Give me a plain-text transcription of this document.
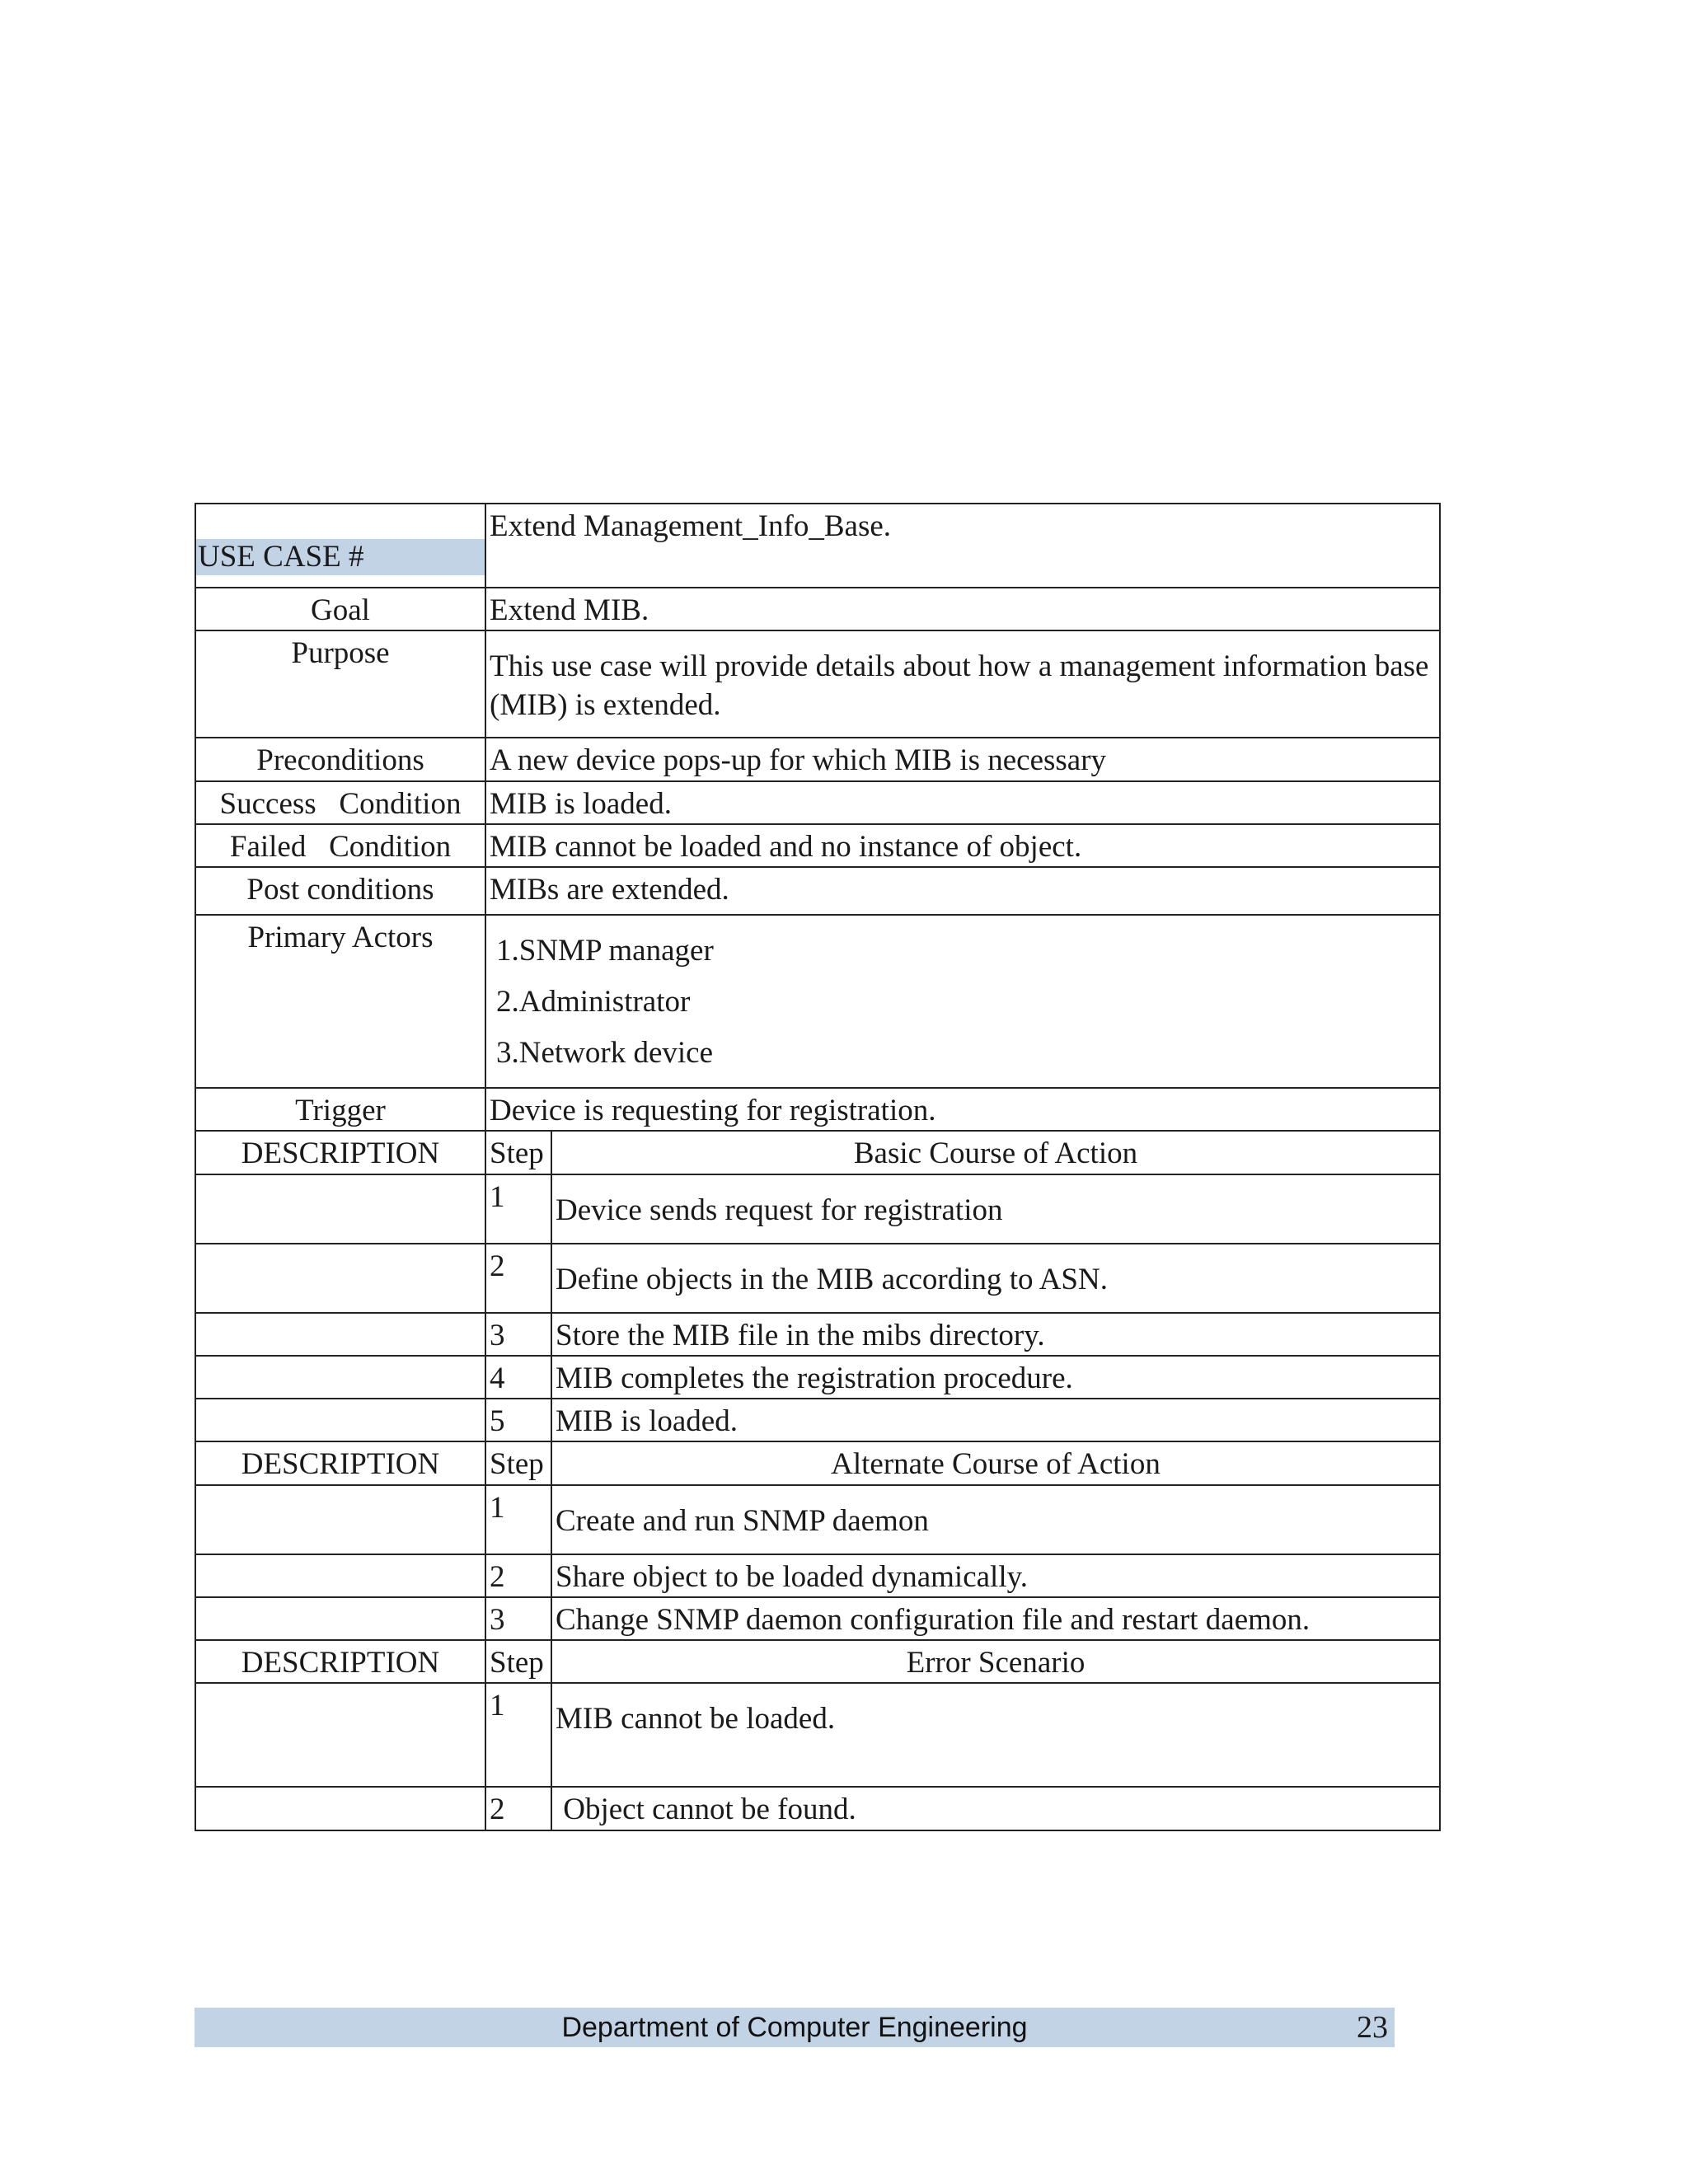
USE CASE #	Extend Management_Info_Base.	
Goal	Extend MIB.	
Purpose	This use case will provide details about how a management information base (MIB) is extended.	
Preconditions	A new device pops-up for which MIB is necessary	
Success   Condition	MIB is loaded.	
Failed   Condition	MIB cannot be loaded and no instance of object.	
Post conditions	MIBs are extended.	
Primary Actors	1.SNMP manager
2.Administrator
3.Network device	

Trigger	Device is requesting for registration.	
DESCRIPTION	Step	Basic Course of Action
	1	Device sends request for registration
	2	Define objects in the MIB according to ASN.
	3	Store the MIB file in the mibs directory.
	4	MIB completes the registration procedure.
	5	MIB is loaded.
DESCRIPTION	Step	Alternate Course of Action
	1	Create and run SNMP daemon
	2	Share object to be loaded dynamically.
	3	Change SNMP daemon configuration file and restart daemon.
DESCRIPTION	Step	Error Scenario
	1	MIB cannot be loaded.
	2	Object cannot be found.
Department of Computer Engineering	23
